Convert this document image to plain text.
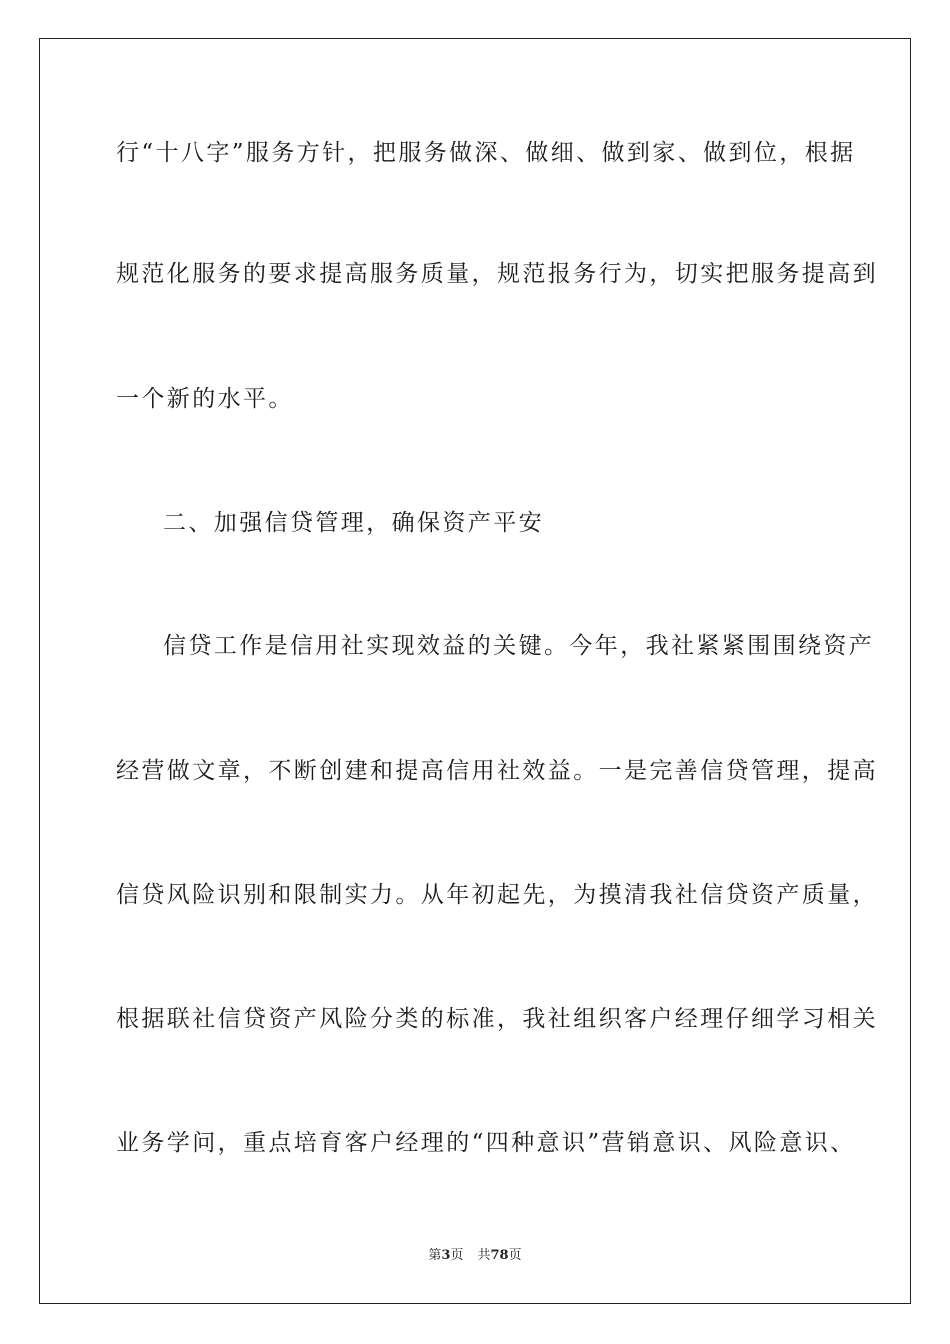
行“十八字”服务方针，把服务做深、做细、做到家、做到位，根据
规范化服务的要求提高服务质量，规范报务行为，切实把服务提高到
一个新的水平。
二、加强信贷管理，确保资产平安
信贷工作是信用社实现效益的关键。今年，我社紧紧围围绕资产
经营做文章，不断创建和提高信用社效益。一是完善信贷管理，提高
信贷风险识别和限制实力。从年初起先，为摸清我社信贷资产质量，
根据联社信贷资产风险分类的标准，我社组织客户经理仔细学习相关
业务学问，重点培育客户经理的“四种意识”营销意识、风险意识、
第3页 共78页
